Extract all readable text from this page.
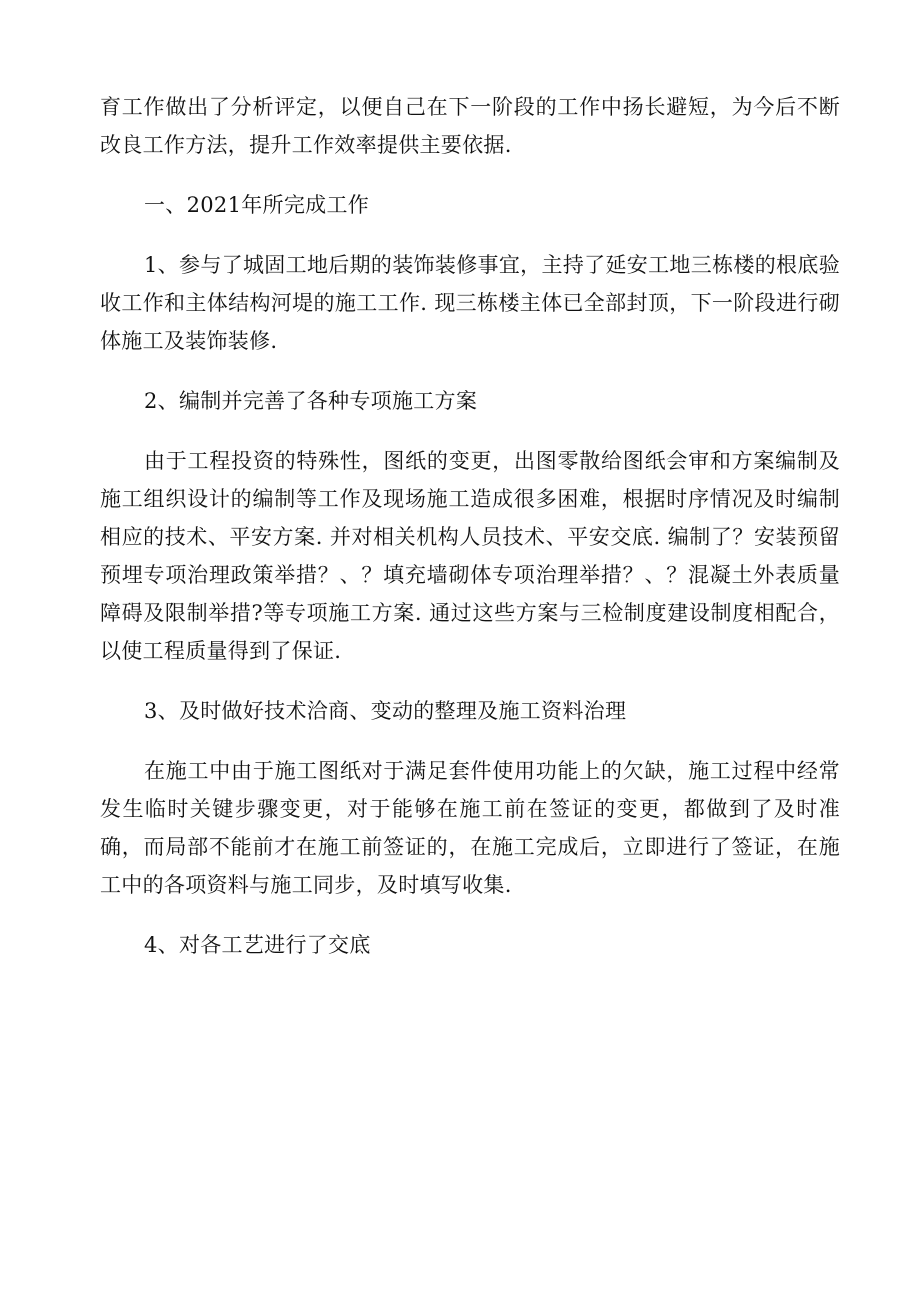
育工作做出了分析评定，以便自己在下一阶段的工作中扬长避短，为今后不断改良工作方法，提升工作效率提供主要依据.

一、2021年所完成工作

1、参与了城固工地后期的装饰装修事宜，主持了延安工地三栋楼的根底验收工作和主体结构河堤的施工工作. 现三栋楼主体已全部封顶，下一阶段进行砌体施工及装饰装修.

2、编制并完善了各种专项施工方案

由于工程投资的特殊性，图纸的变更，出图零散给图纸会审和方案编制及施工组织设计的编制等工作及现场施工造成很多困难，根据时序情况及时编制相应的技术、平安方案. 并对相关机构人员技术、平安交底. 编制了？安装预留预埋专项治理政策举措？、？填充墙砌体专项治理举措？、？混凝土外表质量障碍及限制举措?等专项施工方案. 通过这些方案与三检制度建设制度相配合，以使工程质量得到了保证.

3、及时做好技术洽商、变动的整理及施工资料治理

在施工中由于施工图纸对于满足套件使用功能上的欠缺，施工过程中经常发生临时关键步骤变更，对于能够在施工前在签证的变更，都做到了及时准确，而局部不能前才在施工前签证的，在施工完成后，立即进行了签证，在施工中的各项资料与施工同步，及时填写收集.

4、对各工艺进行了交底
